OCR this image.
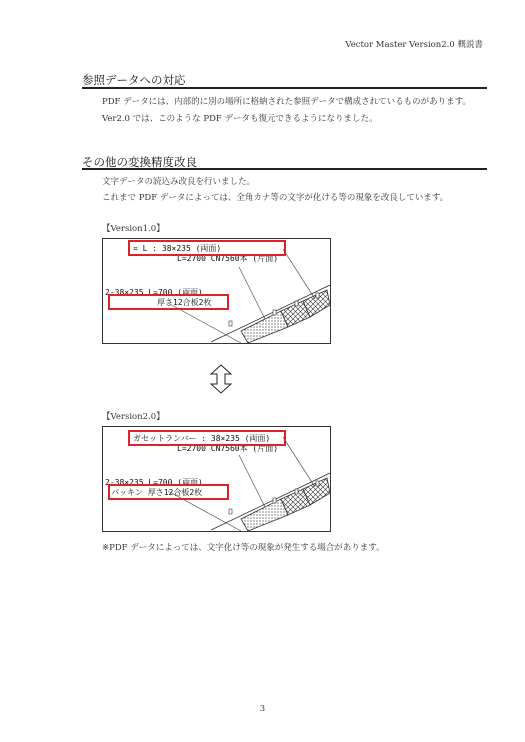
Vector Master Version2.0 概説書
参照データへの対応
PDF データには、内部的に別の場所に格納された参照データで構成されているものがあります。
Ver2.0 では、このような PDF データも復元できるようになりました。
その他の変換精度改良
文字データの読込み改良を行いました。
これまで PDF データによっては、全角カナ等の文字が化ける等の現象を改良しています。
【Version1.0】
= L : 38×235 (両面)
L=2700 CN7560本 (片面)
2-38×235 L=700 (両面)
厚さ12合板2枚
【Version2.0】
ガセットランバー : 38×235 (両面)
L=2700 CN7560本 (片面)
2-38×235 L=700 (両面)
パッキン 厚さ12合板2枚
※PDF データによっては、文字化け等の現象が発生する場合があります。
3
